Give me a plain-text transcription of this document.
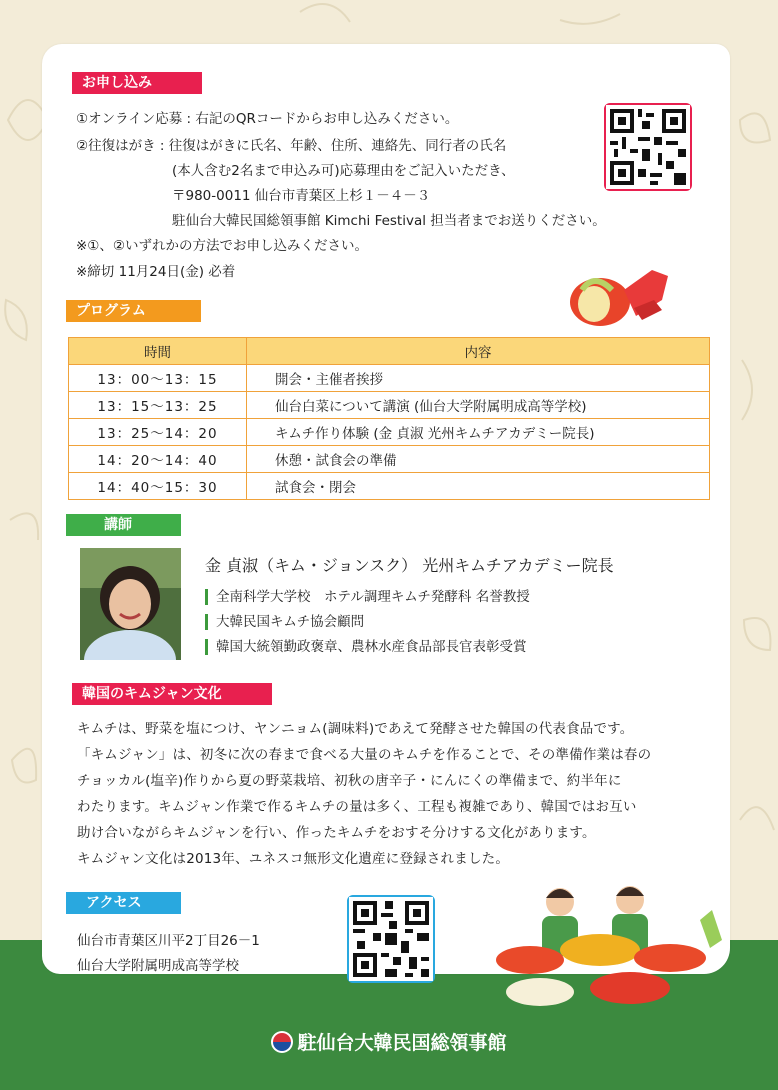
お申し込み
①オンライン応募 : 右記のQRコードからお申し込みください。
②往復はがき : 往復はがきに氏名、年齢、住所、連絡先、同行者の氏名
(本人含む2名まで申込み可)応募理由をご記入いただき、
〒980-0011 仙台市青葉区上杉１－４－３
駐仙台大韓民国総領事館 Kimchi Festival 担当者までお送りください。
※①、②いずれかの方法でお申し込みください。
※締切 11月24日(金) 必着
プログラム
時間	内容
13：00～13：15	開会・主催者挨拶
13：15～13：25	仙台白菜について講演 (仙台大学附属明成高等学校)
13：25～14：20	キムチ作り体験 (金 貞淑 光州キムチアカデミー院長)
14：20～14：40	休憩・試食会の準備
14：40～15：30	試食会・閉会
講師
金 貞淑（キム・ジョンスク） 光州キムチアカデミー院長
全南科学大学校　ホテル調理キムチ発酵科 名誉教授
大韓民国キムチ協会顧問
韓国大統領勤政褒章、農林水産食品部長官表彰受賞
韓国のキムジャン文化
キムチは、野菜を塩につけ、ヤンニョム(調味料)であえて発酵させた韓国の代表食品です。
「キムジャン」は、初冬に次の春まで食べる大量のキムチを作ることで、その準備作業は春の
チョッカル(塩辛)作りから夏の野菜栽培、初秋の唐辛子・にんにくの準備まで、約半年に
わたります。キムジャン作業で作るキムチの量は多く、工程も複雑であり、韓国ではお互い
助け合いながらキムジャンを行い、作ったキムチをおすそ分けする文化があります。
キムジャン文化は2013年、ユネスコ無形文化遺産に登録されました。
アクセス
仙台市青葉区川平2丁目26－1
仙台大学附属明成高等学校
駐仙台大韓民国総領事館
